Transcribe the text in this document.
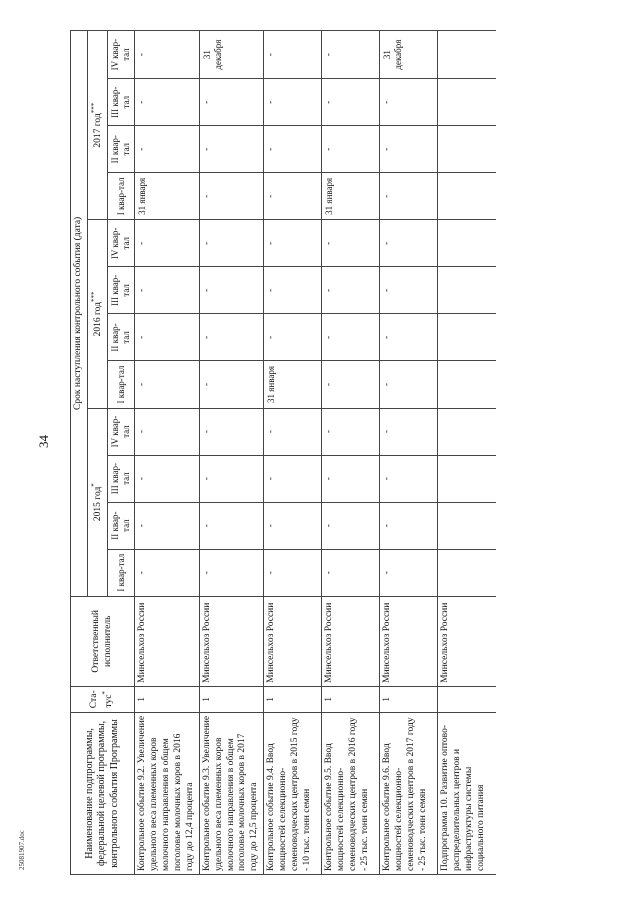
34
25081907.doc	Наименование подпрограммы, федеральной целевой программы, контрольного события Программы	Ста-тус*	Ответственный исполнитель	Срок наступления контрольного события (дата)											
			2015 год*				2016 год***				2017 год***
			I квар-тал	II квар-тал	III квар-тал	IV квар-тал	I квар-тал	II квар-тал	III квар-тал	IV квар-тал	I квар-тал	II квар-тал	III квар-тал	IV квар-тал
Контрольное событие 9.2. Увеличение удельного веса племенных коров молочного направления в общем поголовье молочных коров в 2016 году до 12,4 процента	1	Минсельхоз России	-	-	-	-	-	-	-	-	31 января	-	-	-
Контрольное событие 9.3. Увеличение удельного веса племенных коров молочного направления в общем поголовье молочных коров в 2017 году до 12,5 процента	1	Минсельхоз России	-	-	-	-	-	-	-	-	-	-	-	31 декабря
Контрольное событие 9.4. Ввод мощностей селекционно-семеноводческих центров в 2015 году - 10 тыс. тонн семян	1	Минсельхоз России	-	-	-	-	31 января	-	-	-	-	-	-	-
Контрольное событие 9.5. Ввод мощностей селекционно-семеноводческих центров в 2016 году - 25 тыс. тонн семян	1	Минсельхоз России	-	-	-	-	-	-	-	-	31 января	-	-	-
Контрольное событие 9.6. Ввод мощностей селекционно-семеноводческих центров в 2017 году - 25 тыс. тонн семян	1	Минсельхоз России	-	-	-	-	-	-	-	-	-	-	-	31 декабря
Подпрограмма 10. Развитие оптово-распределительных центров и инфраструктуры системы социального питания		Минсельхоз России												
